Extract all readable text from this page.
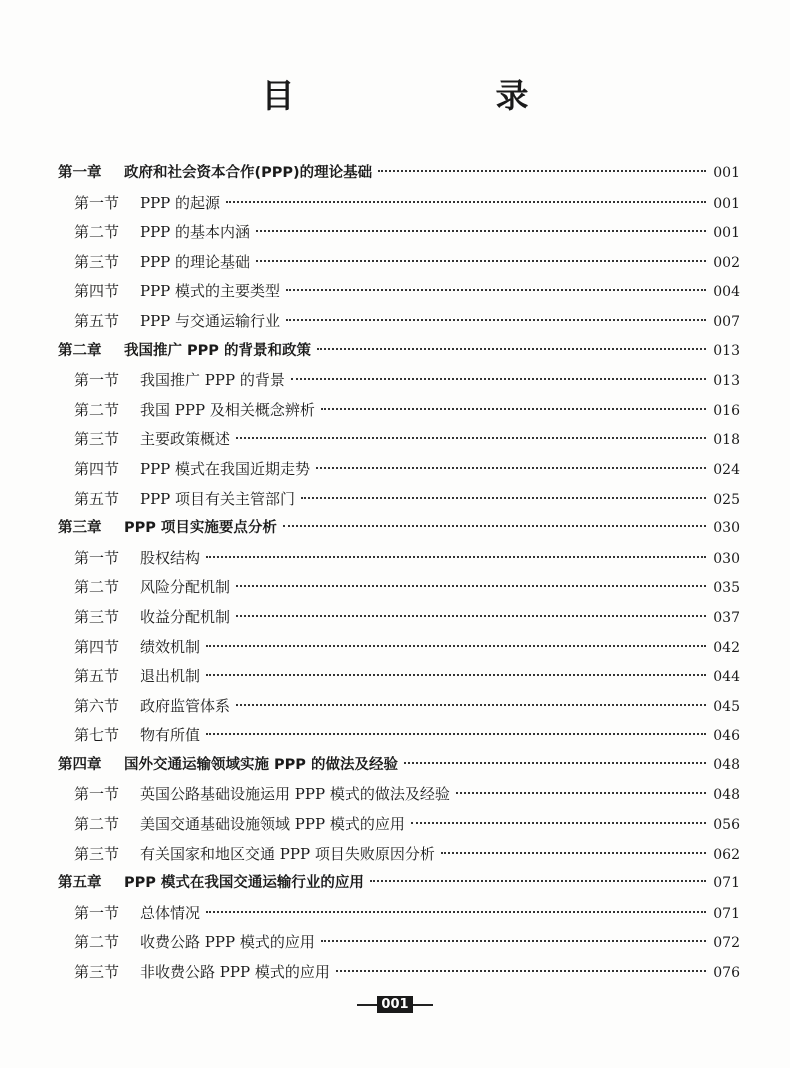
目　录
第一章	政府和社会资本合作(PPP)的理论基础	001
第一节	PPP 的起源	001
第二节	PPP 的基本内涵	001
第三节	PPP 的理论基础	002
第四节	PPP 模式的主要类型	004
第五节	PPP 与交通运输行业	007
第二章	我国推广 PPP 的背景和政策	013
第一节	我国推广 PPP 的背景	013
第二节	我国 PPP 及相关概念辨析	016
第三节	主要政策概述	018
第四节	PPP 模式在我国近期走势	024
第五节	PPP 项目有关主管部门	025
第三章	PPP 项目实施要点分析	030
第一节	股权结构	030
第二节	风险分配机制	035
第三节	收益分配机制	037
第四节	绩效机制	042
第五节	退出机制	044
第六节	政府监管体系	045
第七节	物有所值	046
第四章	国外交通运输领域实施 PPP 的做法及经验	048
第一节	英国公路基础设施运用 PPP 模式的做法及经验	048
第二节	美国交通基础设施领域 PPP 模式的应用	056
第三节	有关国家和地区交通 PPP 项目失败原因分析	062
第五章	PPP 模式在我国交通运输行业的应用	071
第一节	总体情况	071
第二节	收费公路 PPP 模式的应用	072
第三节	非收费公路 PPP 模式的应用	076
001
